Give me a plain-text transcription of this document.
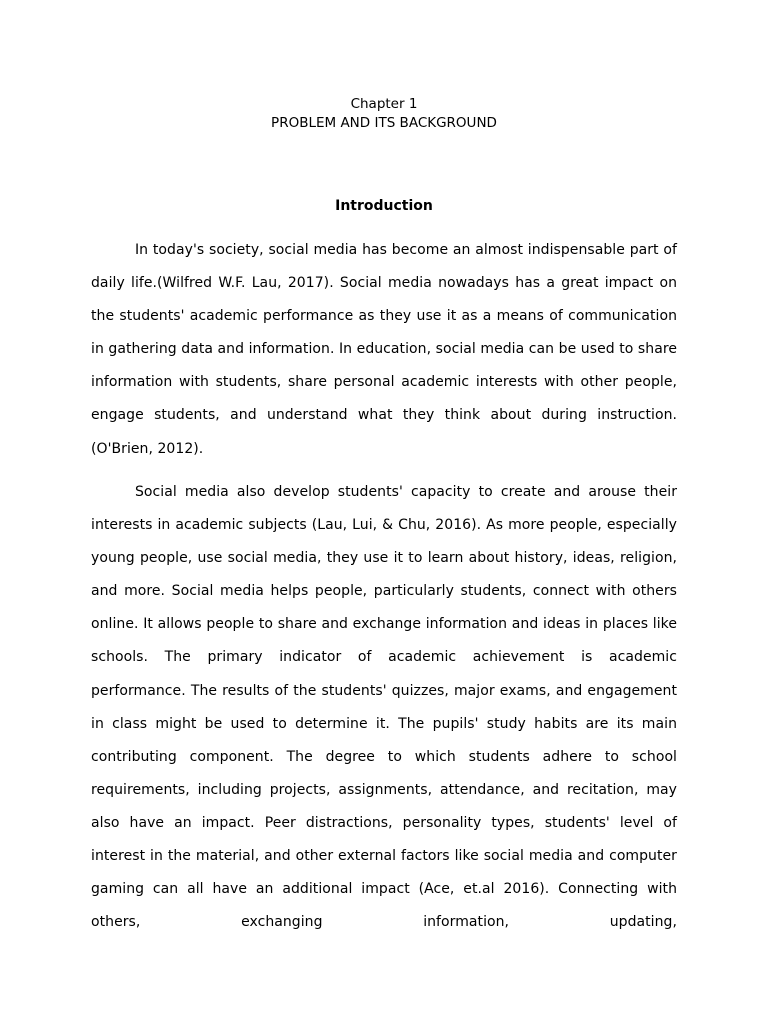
Chapter 1
PROBLEM AND ITS BACKGROUND
Introduction
In today's society, social media has become an almost indispensable part of daily life.(Wilfred W.F. Lau, 2017). Social media nowadays has a great impact on the students' academic performance as they use it as a means of communication in gathering data and information. In education, social media can be used to share information with students, share personal academic interests with other people, engage students, and understand what they think about during instruction. (O'Brien, 2012).
Social media also develop students' capacity to create and arouse their interests in academic subjects (Lau, Lui, & Chu, 2016). As more people, especially young people, use social media, they use it to learn about history, ideas, religion, and more. Social media helps people, particularly students, connect with others online. It allows people to share and exchange information and ideas in places like schools. The primary indicator of academic achievement is academic performance. The results of the students' quizzes, major exams, and engagement in class might be used to determine it. The pupils' study habits are its main contributing component. The degree to which students adhere to school requirements, including projects, assignments, attendance, and recitation, may also have an impact. Peer distractions, personality types, students' level of interest in the material, and other external factors like social media and computer gaming can all have an additional impact (Ace, et.al 2016). Connecting with others, exchanging information, updating,
